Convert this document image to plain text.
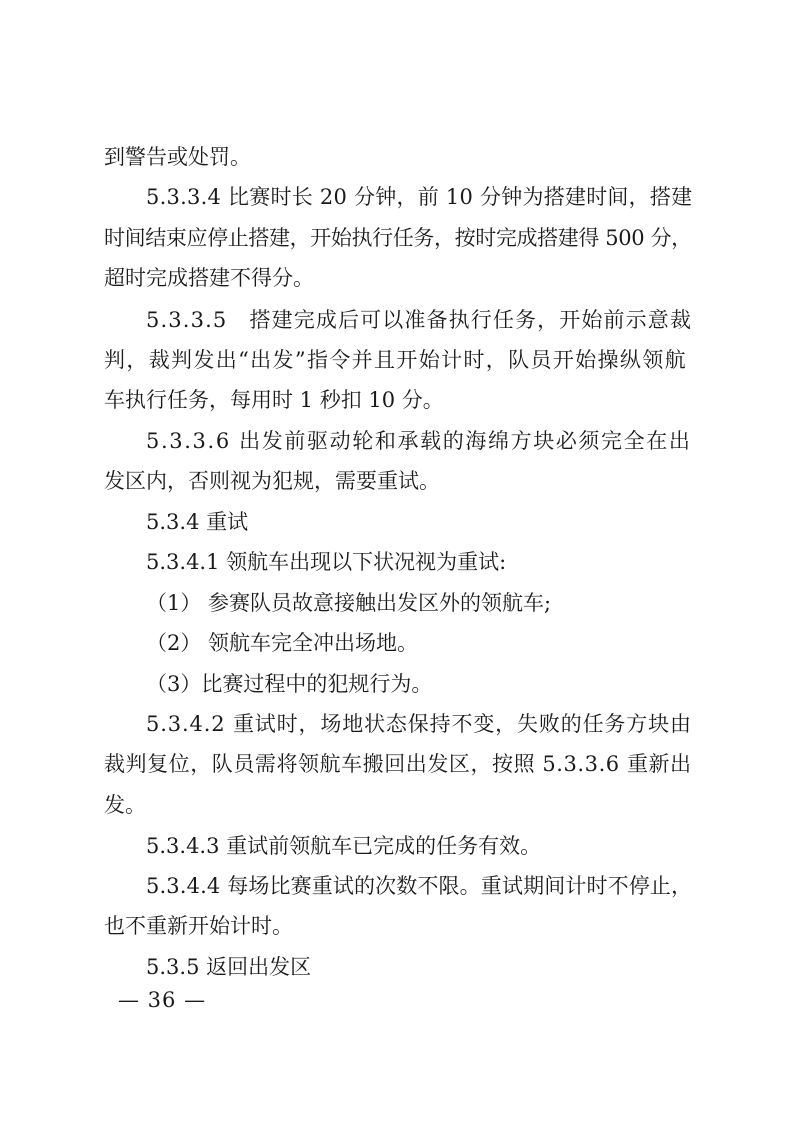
到警告或处罚。

5.3.3.4 比赛时长 20 分钟，前 10 分钟为搭建时间，搭建

时间结束应停止搭建，开始执行任务，按时完成搭建得 500 分，

超时完成搭建不得分。

5.3.3.5　搭建完成后可以准备执行任务，开始前示意裁

判，裁判发出“出发”指令并且开始计时，队员开始操纵领航

车执行任务，每用时 1 秒扣 10 分。

5.3.3.6 出发前驱动轮和承载的海绵方块必须完全在出

发区内，否则视为犯规，需要重试。

5.3.4 重试

5.3.4.1 领航车出现以下状况视为重试:

（1） 参赛队员故意接触出发区外的领航车;

（2） 领航车完全冲出场地。

（3）比赛过程中的犯规行为。

5.3.4.2 重试时，场地状态保持不变，失败的任务方块由

裁判复位，队员需将领航车搬回出发区，按照 5.3.3.6 重新出

发。

5.3.4.3 重试前领航车已完成的任务有效。

5.3.4.4 每场比赛重试的次数不限。重试期间计时不停止，

也不重新开始计时。

5.3.5 返回出发区

— 36 —
